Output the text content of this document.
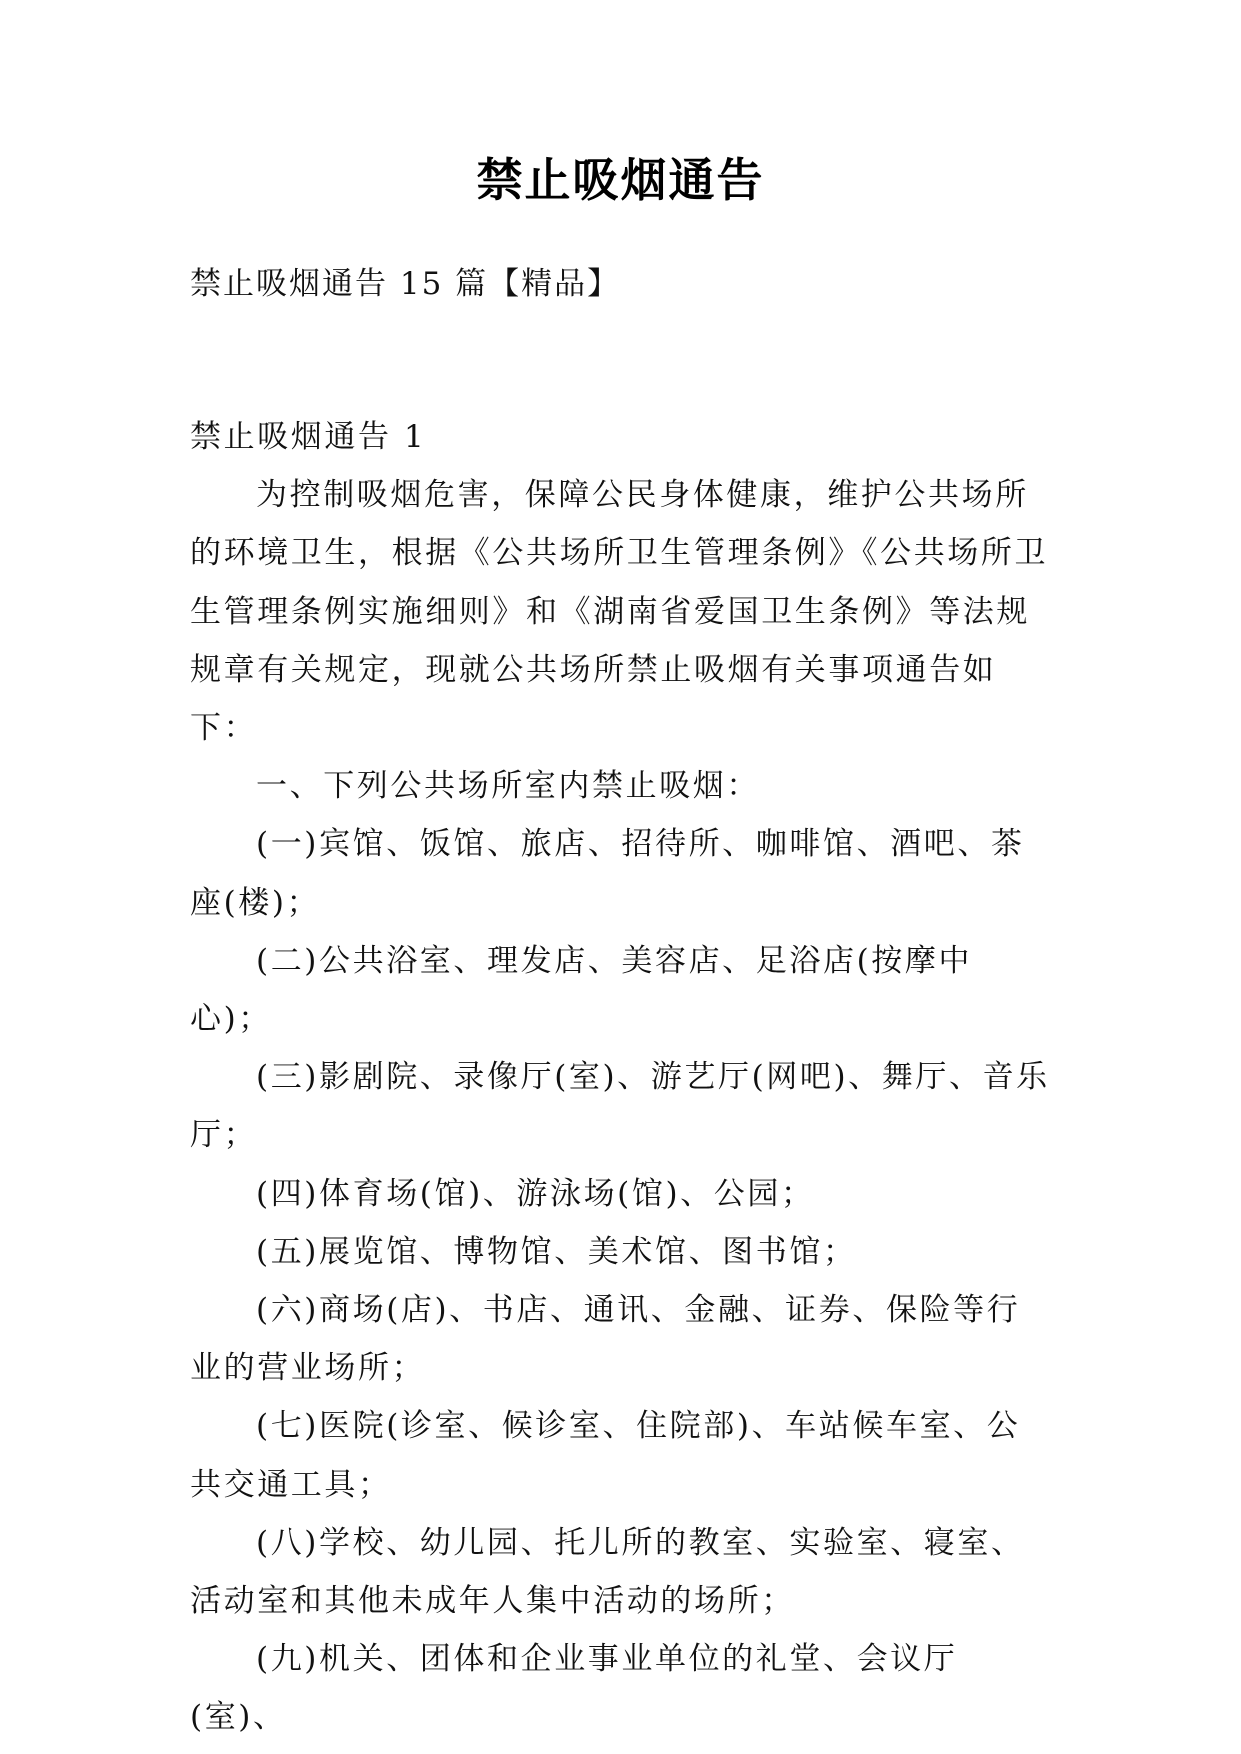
禁止吸烟通告
禁止吸烟通告 15 篇【精品】

禁止吸烟通告 1

为控制吸烟危害，保障公民身体健康，维护公共场所的环境卫生，根据《公共场所卫生管理条例》《公共场所卫生管理条例实施细则》和《湖南省爱国卫生条例》等法规规章有关规定，现就公共场所禁止吸烟有关事项通告如下：

一、下列公共场所室内禁止吸烟：

(一)宾馆、饭馆、旅店、招待所、咖啡馆、酒吧、茶座(楼)；

(二)公共浴室、理发店、美容店、足浴店(按摩中心)；

(三)影剧院、录像厅(室)、游艺厅(网吧)、舞厅、音乐厅；

(四)体育场(馆)、游泳场(馆)、公园；

(五)展览馆、博物馆、美术馆、图书馆；

(六)商场(店)、书店、通讯、金融、证券、保险等行业的营业场所；

(七)医院(诊室、候诊室、住院部)、车站候车室、公共交通工具；

(八)学校、幼儿园、托儿所的教室、实验室、寝室、活动室和其他未成年人集中活动的场所；

(九)机关、团体和企业事业单位的礼堂、会议厅(室)、
